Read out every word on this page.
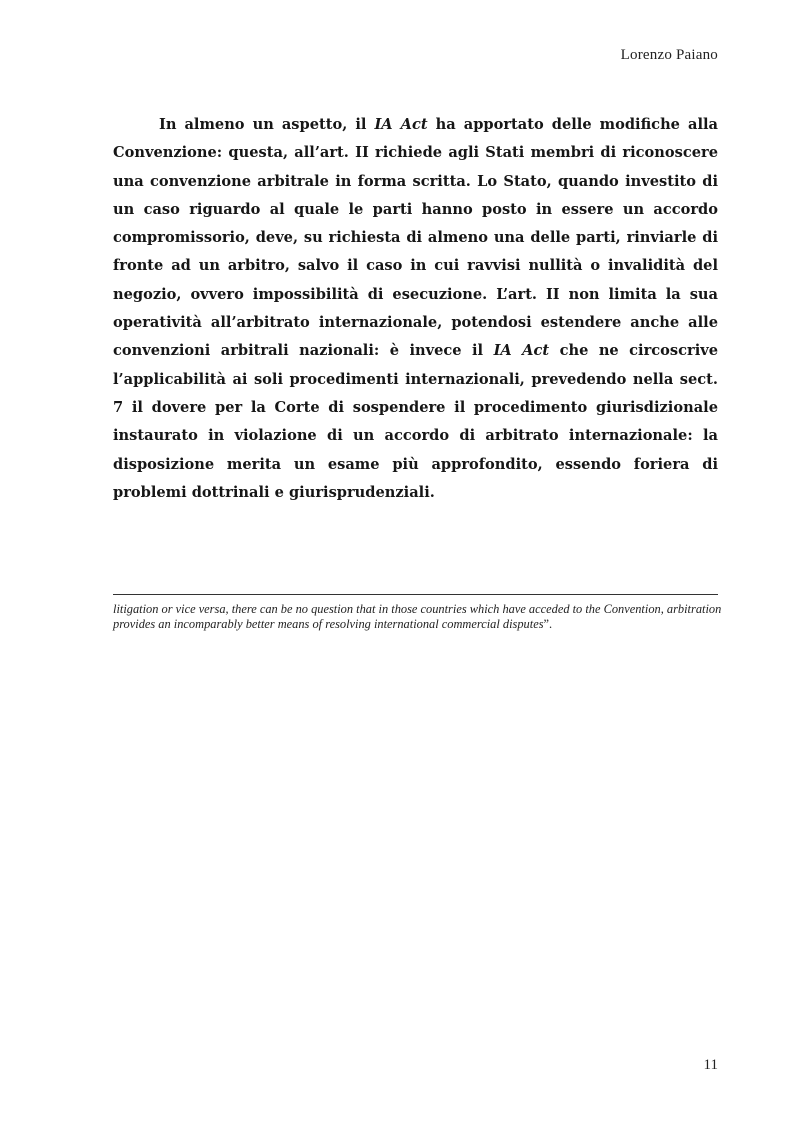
Lorenzo Paiano

In almeno un aspetto, il IA Act ha apportato delle modifiche alla Convenzione: questa, all’art. II richiede agli Stati membri di riconoscere una convenzione arbitrale in forma scritta. Lo Stato, quando investito di un caso riguardo al quale le parti hanno posto in essere un accordo compromissorio, deve, su richiesta di almeno una delle parti, rinviarle di fronte ad un arbitro, salvo il caso in cui ravvisi nullità o invalidità del negozio, ovvero impossibilità di esecuzione. L’art. II non limita la sua operatività all’arbitrato internazionale, potendosi estendere anche alle convenzioni arbitrali nazionali: è invece il IA Act che ne circoscrive l’applicabilità ai soli procedimenti internazionali, prevedendo nella sect. 7 il dovere per la Corte di sospendere il procedimento giurisdizionale instaurato in violazione di un accordo di arbitrato internazionale: la disposizione merita un esame più approfondito, essendo foriera di problemi dottrinali e giurisprudenziali.

litigation or vice versa, there can be no question that in those countries which have acceded to the Convention, arbitration provides an incomparably better means of resolving international commercial disputes”.

11
